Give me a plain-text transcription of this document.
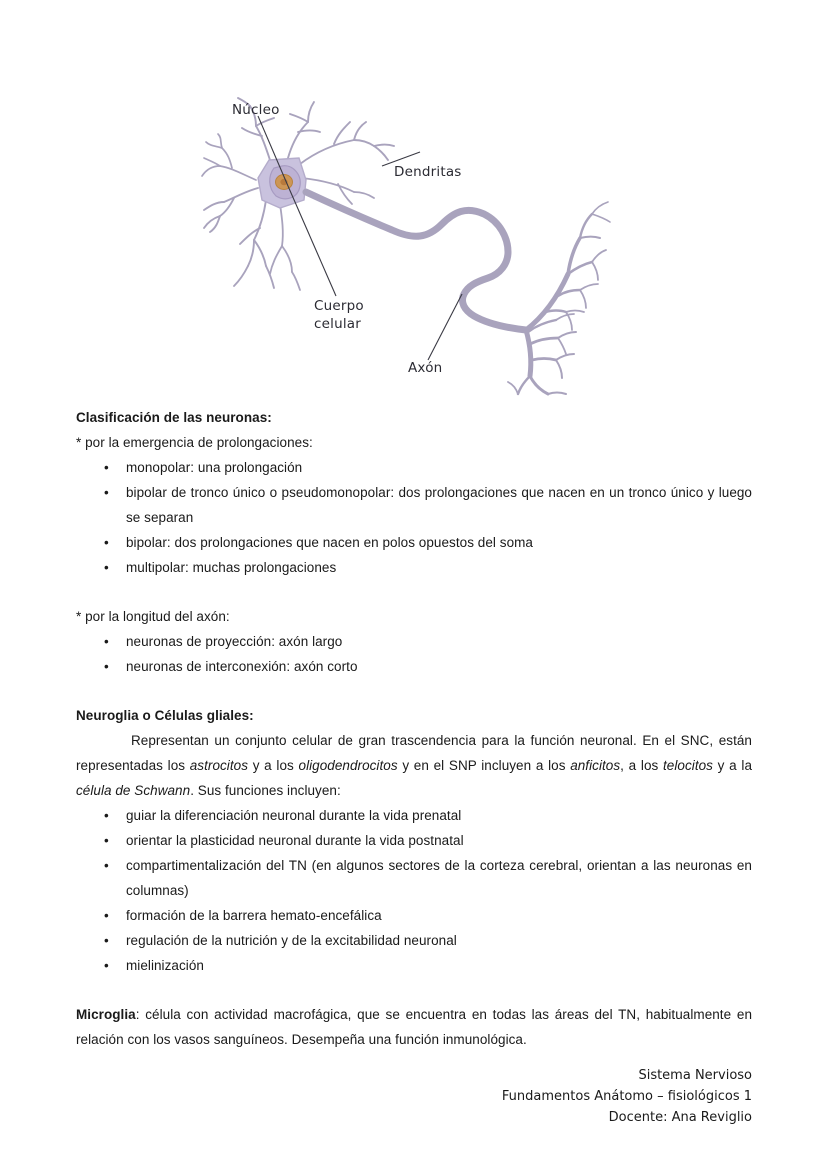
Núcleo
Dendritas
Cuerpo
celular
Axón

Clasificación de las neuronas:

* por la emergencia de prolongaciones:

• monopolar: una prolongación
• bipolar de tronco único o pseudomonopolar: dos prolongaciones que nacen en un tronco único y luego se separan
• bipolar: dos prolongaciones que nacen en polos opuestos del soma
• multipolar: muchas prolongaciones

* por la longitud del axón:

• neuronas de proyección: axón largo
• neuronas de interconexión: axón corto

Neuroglia o Células gliales:

Representan un conjunto celular de gran trascendencia para la función neuronal. En el SNC, están representadas los astrocitos y a los oligodendrocitos y en el SNP incluyen a los anficitos, a los telocitos y a la célula de Schwann. Sus funciones incluyen:

• guiar la diferenciación neuronal durante la vida prenatal
• orientar la plasticidad neuronal durante la vida postnatal
• compartimentalización del TN (en algunos sectores de la corteza cerebral, orientan a las neuronas en columnas)
• formación de la barrera hemato-encefálica
• regulación de la nutrición y de la excitabilidad neuronal
• mielinización

Microglia: célula con actividad macrofágica, que se encuentra en todas las áreas del TN, habitualmente en relación con los vasos sanguíneos. Desempeña una función inmunológica.

Sistema Nervioso
Fundamentos Anátomo – fisiológicos 1
Docente: Ana Reviglio
